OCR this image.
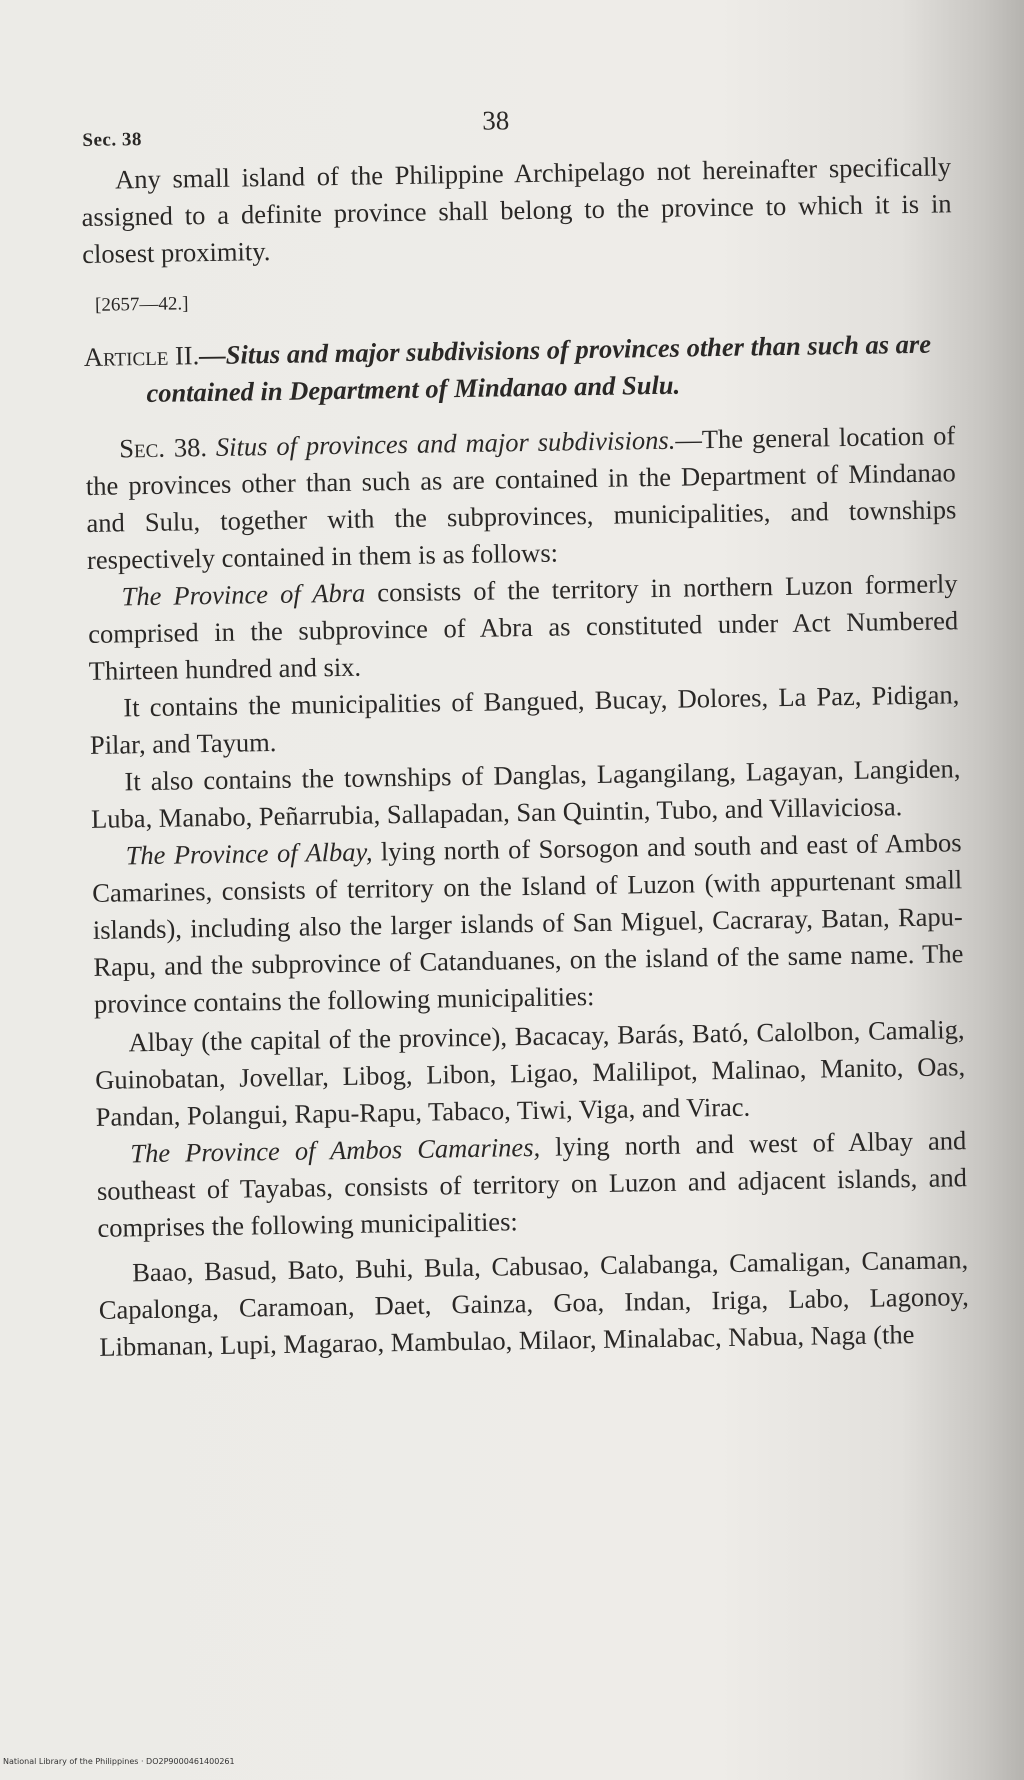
Sec. 38
38

Any small island of the Philippine Archipelago not hereinafter specifically assigned to a definite province shall belong to the province to which it is in closest proximity.

[2657—42.]

Article II.—Situs and major subdivisions of provinces other than such as are contained in Department of Mindanao and Sulu.

Sec. 38. Situs of provinces and major subdivisions.—The general location of the provinces other than such as are contained in the Department of Mindanao and Sulu, together with the subprovinces, municipalities, and townships respectively contained in them is as follows:

The Province of Abra consists of the territory in northern Luzon formerly comprised in the subprovince of Abra as constituted under Act Numbered Thirteen hundred and six.

It contains the municipalities of Bangued, Bucay, Dolores, La Paz, Pidigan, Pilar, and Tayum.

It also contains the townships of Danglas, Lagangilang, Lagayan, Langiden, Luba, Manabo, Peñarrubia, Sallapadan, San Quintin, Tubo, and Villaviciosa.

The Province of Albay, lying north of Sorsogon and south and east of Ambos Camarines, consists of territory on the Island of Luzon (with appurtenant small islands), including also the larger islands of San Miguel, Cacraray, Batan, Rapu-Rapu, and the subprovince of Catanduanes, on the island of the same name. The province contains the following municipalities:

Albay (the capital of the province), Bacacay, Barás, Bató, Calolbon, Camalig, Guinobatan, Jovellar, Libog, Libon, Ligao, Malilipot, Malinao, Manito, Oas, Pandan, Polangui, Rapu-Rapu, Tabaco, Tiwi, Viga, and Virac.

The Province of Ambos Camarines, lying north and west of Albay and southeast of Tayabas, consists of territory on Luzon and adjacent islands, and comprises the following municipalities:

Baao, Basud, Bato, Buhi, Bula, Cabusao, Calabanga, Camaligan, Canaman, Capalonga, Caramoan, Daet, Gainza, Goa, Indan, Iriga, Labo, Lagonoy, Libmanan, Lupi, Magarao, Mambulao, Milaor, Minalabac, Nabua, Naga (the

National Library of the Philippines · DO2P9000461400261
